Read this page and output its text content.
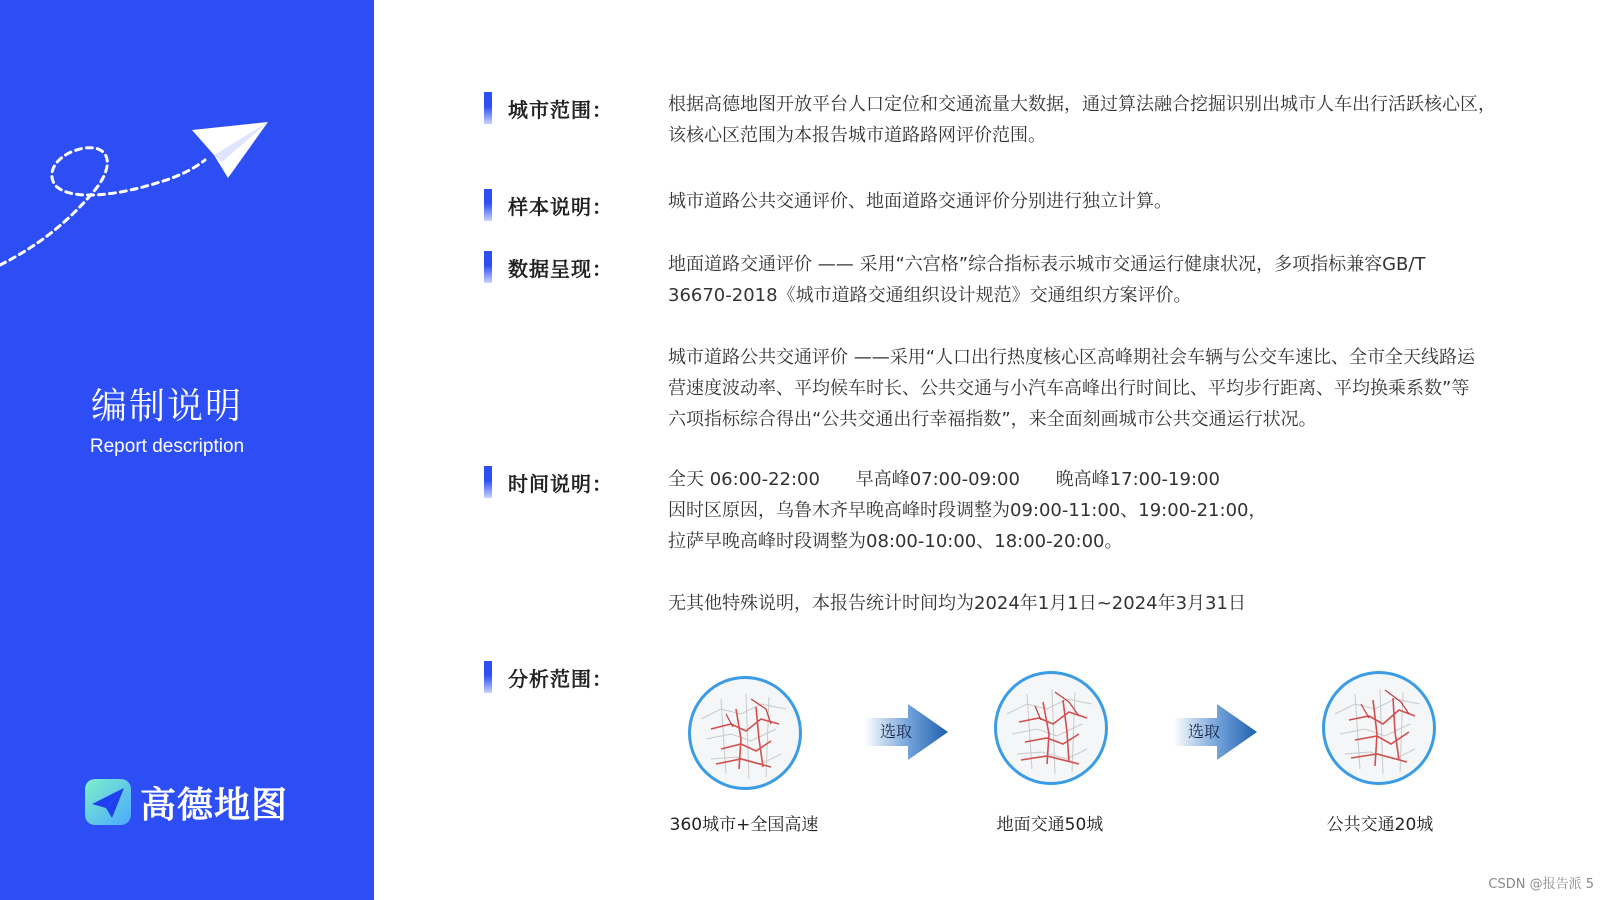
编制说明
Report description
高德地图
城市范围：	根据高德地图开放平台人口定位和交通流量大数据，通过算法融合挖掘识别出城市人车出行活跃核心区，
该核心区范围为本报告城市道路路网评价范围。
样本说明：	城市道路公共交通评价、地面道路交通评价分别进行独立计算。
数据呈现：	地面道路交通评价 —— 采用“六宫格”综合指标表示城市交通运行健康状况，多项指标兼容GB/T
36670-2018《城市道路交通组织设计规范》交通组织方案评价。
城市道路公共交通评价 ——采用“人口出行热度核心区高峰期社会车辆与公交车速比、全市全天线路运
营速度波动率、平均候车时长、公共交通与小汽车高峰出行时间比、平均步行距离、平均换乘系数”等
六项指标综合得出“公共交通出行幸福指数”，来全面刻画城市公共交通运行状况。
时间说明：	全天 06:00-22:00 早高峰07:00-09:00 晚高峰17:00-19:00
因时区原因，乌鲁木齐早晚高峰时段调整为09:00-11:00、19:00-21:00，
拉萨早晚高峰时段调整为08:00-10:00、18:00-20:00。
无其他特殊说明，本报告统计时间均为2024年1月1日~2024年3月31日
分析范围：
选取	选取
360城市+全国高速	地面交通50城	公共交通20城
CSDN @报告派 5
